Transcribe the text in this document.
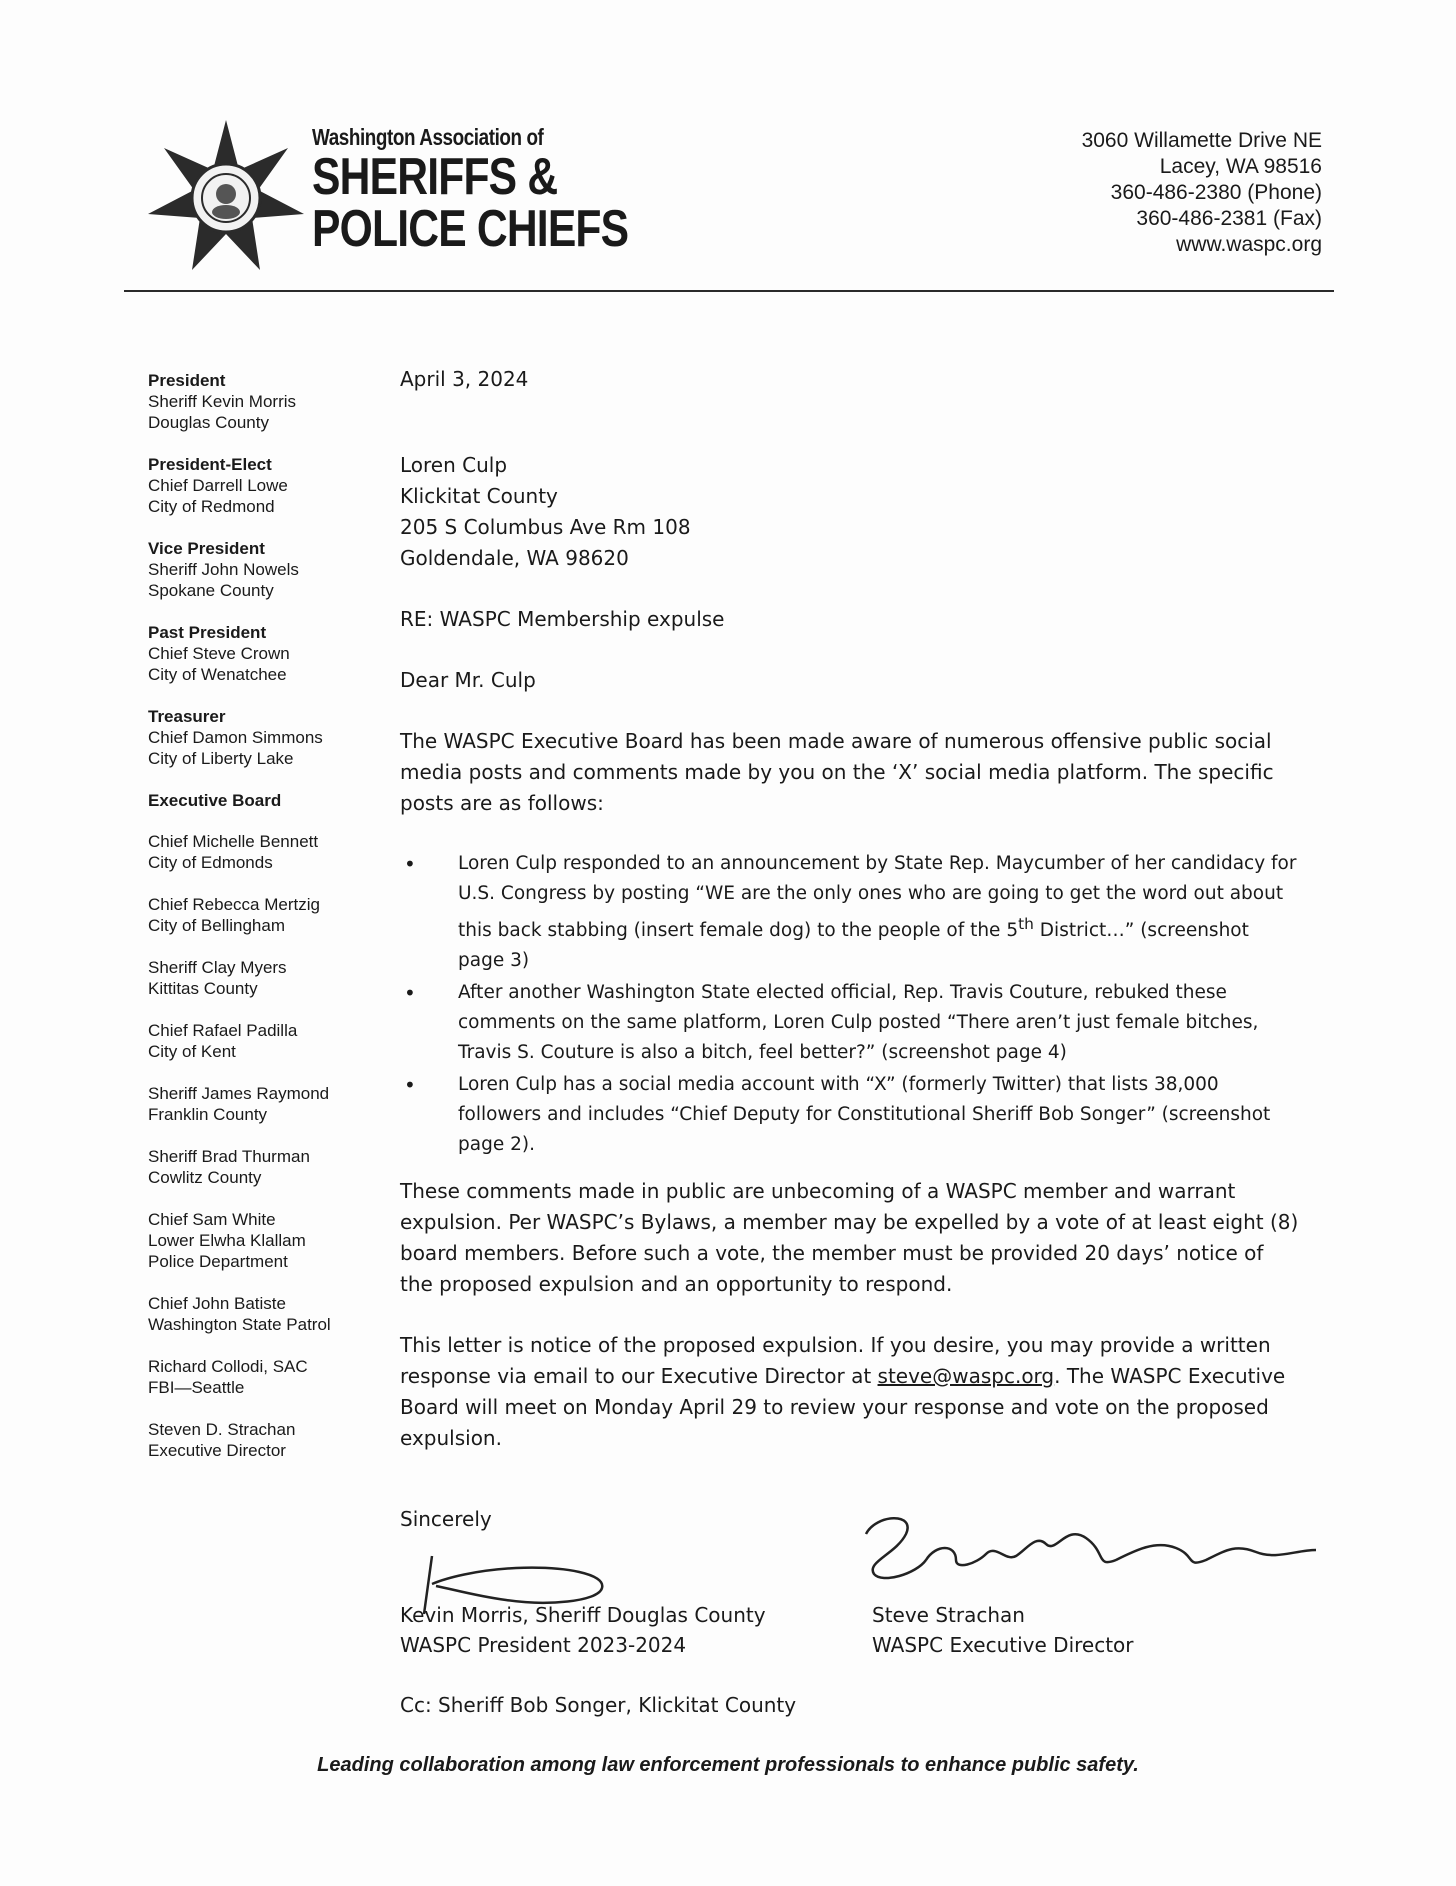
Washington Association of
SHERIFFS &
POLICE CHIEFS
3060 Willamette Drive NE
Lacey, WA 98516
360-486-2380 (Phone)
360-486-2381 (Fax)
www.waspc.org
President
Sheriff Kevin Morris
Douglas County
President-Elect
Chief Darrell Lowe
City of Redmond
Vice President
Sheriff John Nowels
Spokane County
Past President
Chief Steve Crown
City of Wenatchee
Treasurer
Chief Damon Simmons
City of Liberty Lake
Executive Board
Chief Michelle Bennett
City of Edmonds
Chief Rebecca Mertzig
City of Bellingham
Sheriff Clay Myers
Kittitas County
Chief Rafael Padilla
City of Kent
Sheriff James Raymond
Franklin County
Sheriff Brad Thurman
Cowlitz County
Chief Sam White
Lower Elwha Klallam
Police Department
Chief John Batiste
Washington State Patrol
Richard Collodi, SAC
FBI—Seattle
Steven D. Strachan
Executive Director

April 3, 2024

Loren Culp
Klickitat County
205 S Columbus Ave Rm 108
Goldendale, WA 98620

RE: WASPC Membership expulse

Dear Mr. Culp

The WASPC Executive Board has been made aware of numerous offensive public social media posts and comments made by you on the ‘X’ social media platform. The specific posts are as follows:

• Loren Culp responded to an announcement by State Rep. Maycumber of her candidacy for U.S. Congress by posting “WE are the only ones who are going to get the word out about this back stabbing (insert female dog) to the people of the 5th District…” (screenshot page 3)
• After another Washington State elected official, Rep. Travis Couture, rebuked these comments on the same platform, Loren Culp posted “There aren’t just female bitches, Travis S. Couture is also a bitch, feel better?” (screenshot page 4)
• Loren Culp has a social media account with “X” (formerly Twitter) that lists 38,000 followers and includes “Chief Deputy for Constitutional Sheriff Bob Songer” (screenshot page 2).

These comments made in public are unbecoming of a WASPC member and warrant expulsion. Per WASPC’s Bylaws, a member may be expelled by a vote of at least eight (8) board members. Before such a vote, the member must be provided 20 days’ notice of the proposed expulsion and an opportunity to respond.

This letter is notice of the proposed expulsion. If you desire, you may provide a written response via email to our Executive Director at steve@waspc.org. The WASPC Executive Board will meet on Monday April 29 to review your response and vote on the proposed expulsion.

Sincerely
Kevin Morris, Sheriff Douglas County
WASPC President 2023-2024
Steve Strachan
WASPC Executive Director
Cc: Sheriff Bob Songer, Klickitat County
Leading collaboration among law enforcement professionals to enhance public safety.
